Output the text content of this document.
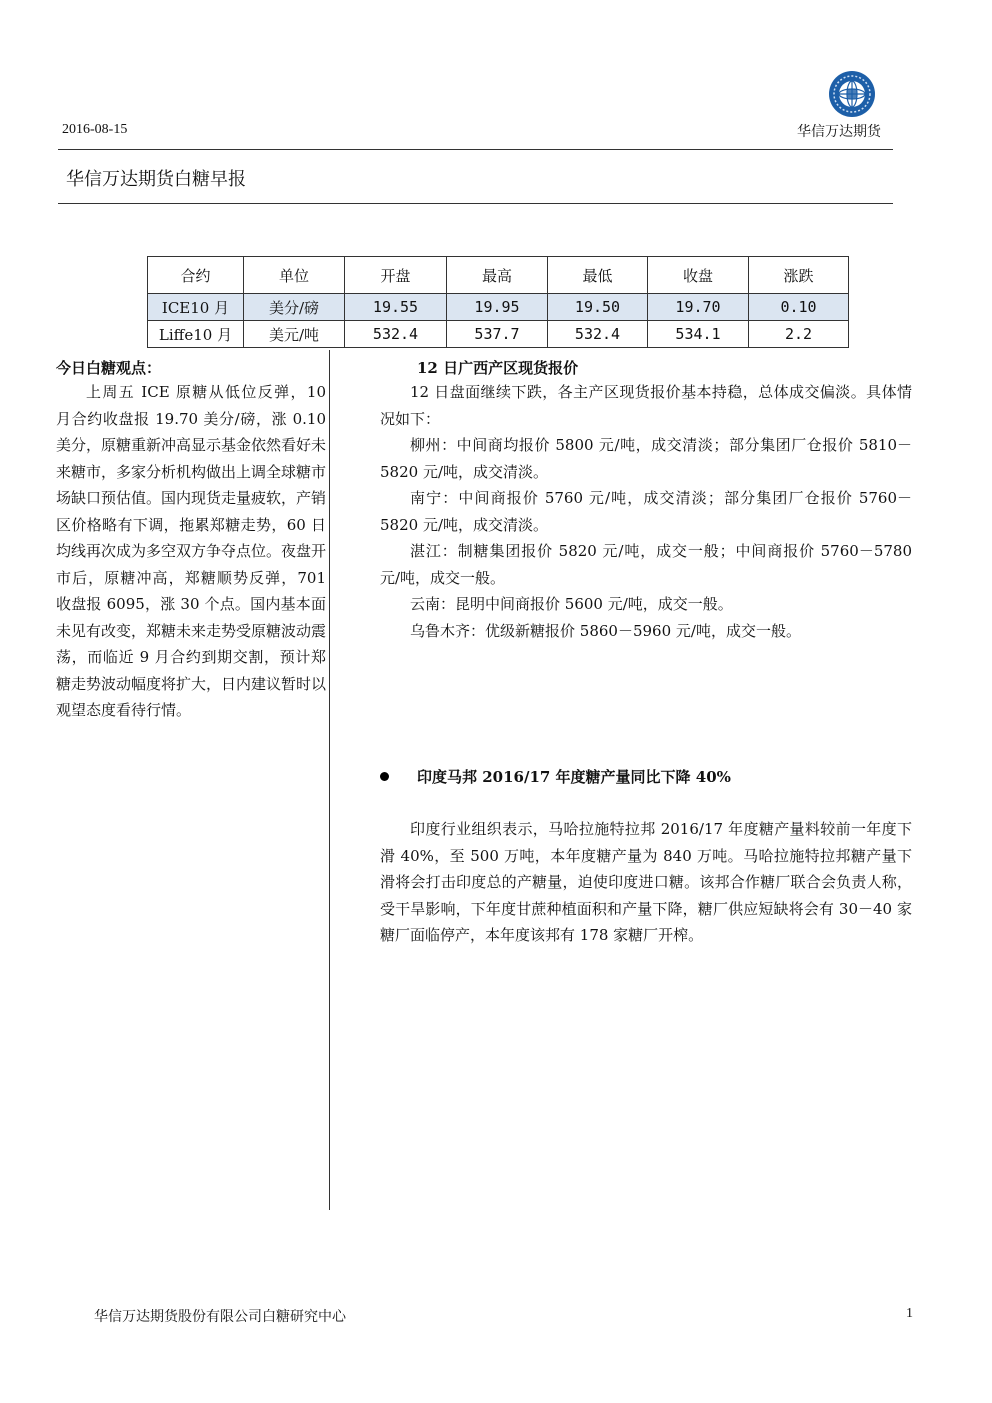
2016-08-15	华信万达期货
华信万达期货白糖早报
合约	单位	开盘	最高	最低	收盘	涨跌
ICE10 月	美分/磅	19.55	19.95	19.50	19.70	0.10
Liffe10 月	美元/吨	532.4	537.7	532.4	534.1	2.2
今日白糖观点：

上周五 ICE 原糖从低位反弹，10 月合约收盘报 19.70 美分/磅，涨 0.10 美分，原糖重新冲高显示基金依然看好未来糖市，多家分析机构做出上调全球糖市场缺口预估值。国内现货走量疲软，产销区价格略有下调，拖累郑糖走势，60 日均线再次成为多空双方争夺点位。夜盘开市后，原糖冲高，郑糖顺势反弹，701 收盘报 6095，涨 30 个点。国内基本面未见有改变，郑糖未来走势受原糖波动震荡，而临近 9 月合约到期交割，预计郑糖走势波动幅度将扩大，日内建议暂时以观望态度看待行情。

12 日广西产区现货报价

12 日盘面继续下跌，各主产区现货报价基本持稳，总体成交偏淡。具体情况如下：

柳州：中间商均报价 5800 元/吨，成交清淡；部分集团厂仓报价 5810－5820 元/吨，成交清淡。

南宁：中间商报价 5760 元/吨，成交清淡；部分集团厂仓报价 5760－5820 元/吨，成交清淡。

湛江：制糖集团报价 5820 元/吨，成交一般；中间商报价 5760－5780 元/吨，成交一般。

云南：昆明中间商报价 5600 元/吨，成交一般。

乌鲁木齐：优级新糖报价 5860－5960 元/吨，成交一般。

印度马邦 2016/17 年度糖产量同比下降 40%

印度行业组织表示，马哈拉施特拉邦 2016/17 年度糖产量料较前一年度下滑 40%，至 500 万吨，本年度糖产量为 840 万吨。马哈拉施特拉邦糖产量下滑将会打击印度总的产糖量，迫使印度进口糖。该邦合作糖厂联合会负责人称，受干旱影响，下年度甘蔗种植面积和产量下降，糖厂供应短缺将会有 30－40 家糖厂面临停产，本年度该邦有 178 家糖厂开榨。

华信万达期货股份有限公司白糖研究中心	1
